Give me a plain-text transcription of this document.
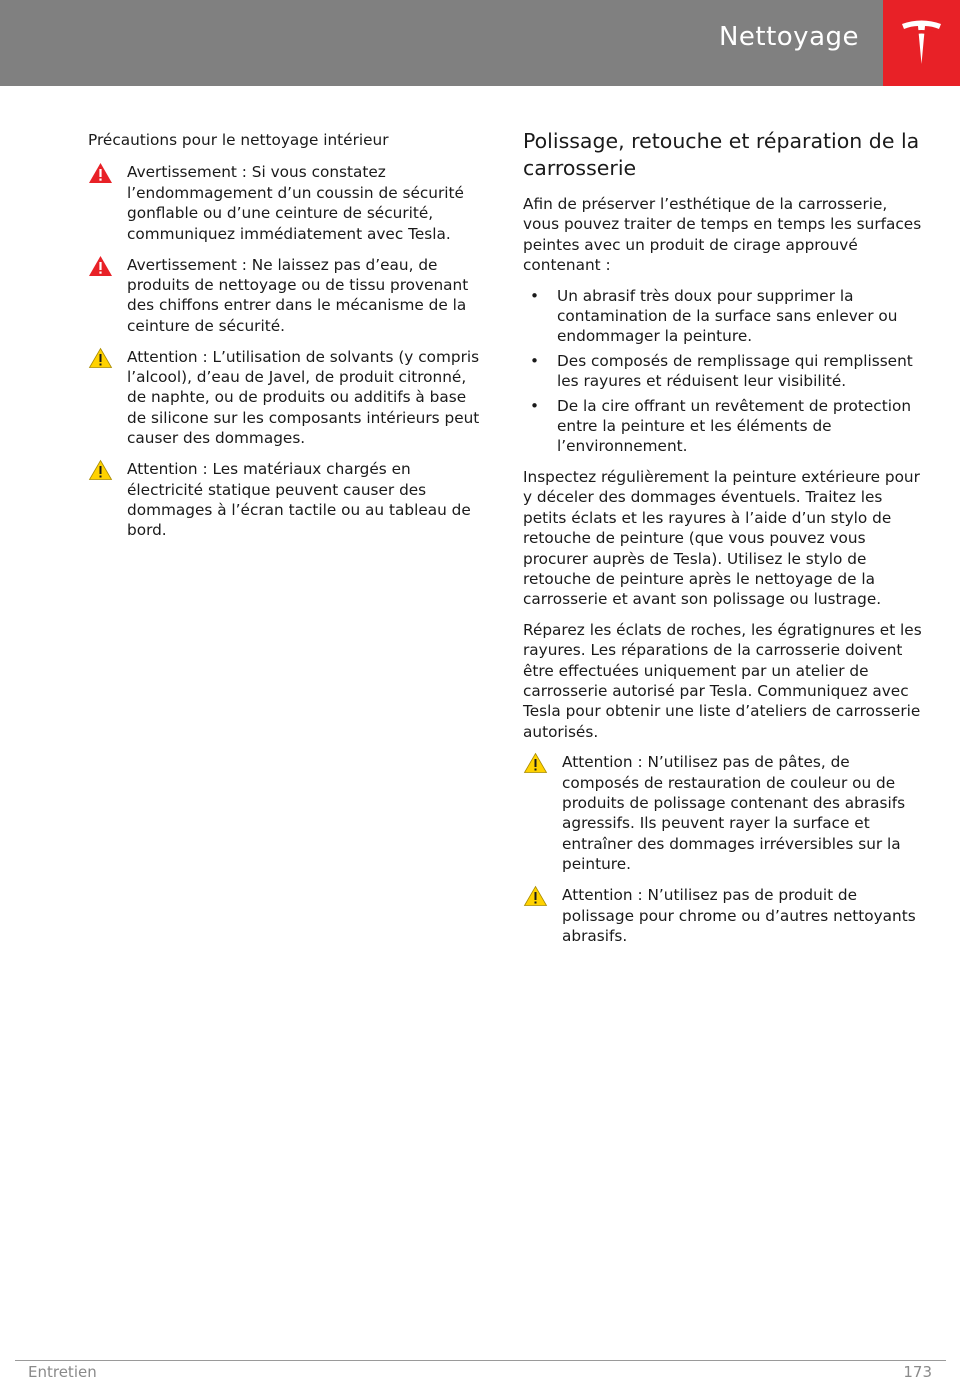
Nettoyage
Précautions pour le nettoyage intérieur

Avertissement : Si vous constatez l’endommagement d’un coussin de sécurité gonflable ou d’une ceinture de sécurité, communiquez immédiatement avec Tesla.

Avertissement : Ne laissez pas d’eau, de produits de nettoyage ou de tissu provenant des chiffons entrer dans le mécanisme de la ceinture de sécurité.

Attention : L’utilisation de solvants (y compris l’alcool), d’eau de Javel, de produit citronné, de naphte, ou de produits ou additifs à base de silicone sur les composants intérieurs peut causer des dommages.

Attention : Les matériaux chargés en électricité statique peuvent causer des dommages à l’écran tactile ou au tableau de bord.

Polissage, retouche et réparation de la carrosserie

Afin de préserver l’esthétique de la carrosserie, vous pouvez traiter de temps en temps les surfaces peintes avec un produit de cirage approuvé contenant :

• Un abrasif très doux pour supprimer la contamination de la surface sans enlever ou endommager la peinture.
• Des composés de remplissage qui remplissent les rayures et réduisent leur visibilité.
• De la cire offrant un revêtement de protection entre la peinture et les éléments de l’environnement.

Inspectez régulièrement la peinture extérieure pour y déceler des dommages éventuels. Traitez les petits éclats et les rayures à l’aide d’un stylo de retouche de peinture (que vous pouvez vous procurer auprès de Tesla). Utilisez le stylo de retouche de peinture après le nettoyage de la carrosserie et avant son polissage ou lustrage.

Réparez les éclats de roches, les égratignures et les rayures. Les réparations de la carrosserie doivent être effectuées uniquement par un atelier de carrosserie autorisé par Tesla. Communiquez avec Tesla pour obtenir une liste d’ateliers de carrosserie autorisés.

Attention : N’utilisez pas de pâtes, de composés de restauration de couleur ou de produits de polissage contenant des abrasifs agressifs. Ils peuvent rayer la surface et entraîner des dommages irréversibles sur la peinture.

Attention : N’utilisez pas de produit de polissage pour chrome ou d’autres nettoyants abrasifs.

Entretien	173
